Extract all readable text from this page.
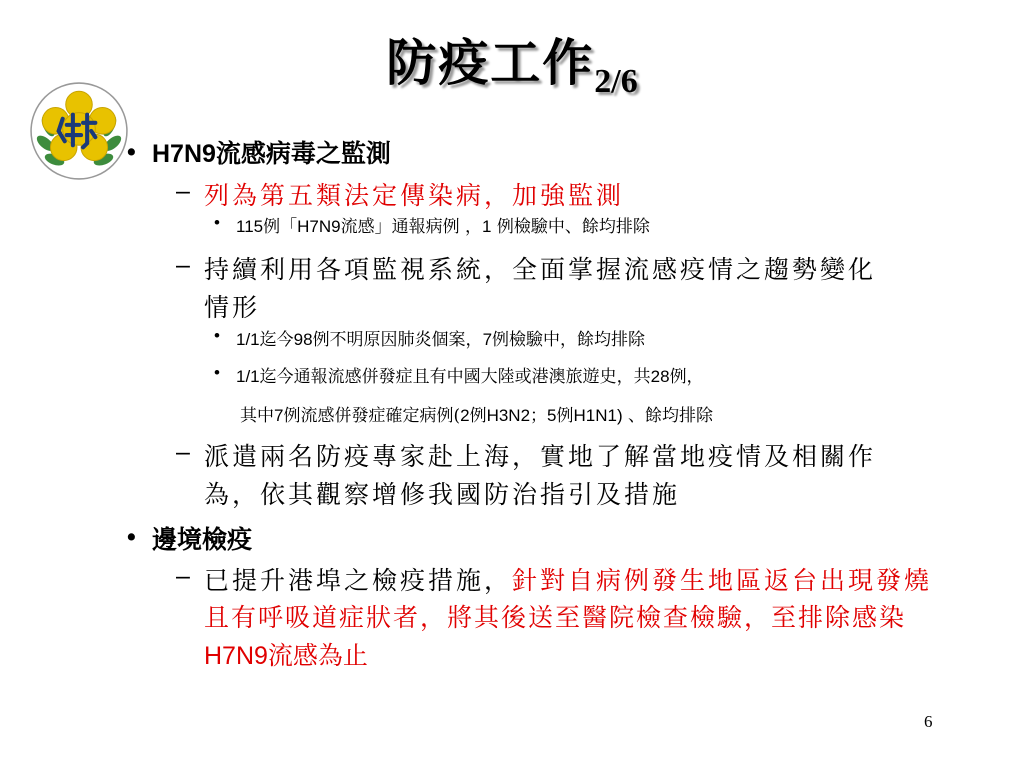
防疫工作$_{2/6}$
• H7N9流感病毒之監測
– 列為第五類法定傳染病，加強監測
• 115例「H7N9流感」通報病例 ，1 例檢驗中、餘均排除
– 持續利用各項監視系統，全面掌握流感疫情之趨勢變化
情形
• 1/1迄今98例不明原因肺炎個案，7例檢驗中，餘均排除
• 1/1迄今通報流感併發症且有中國大陸或港澳旅遊史，共28例，
其中7例流感併發症確定病例(2例H3N2；5例H1N1) 、餘均排除
– 派遣兩名防疫專家赴上海，實地了解當地疫情及相關作
為，依其觀察增修我國防治指引及措施
• 邊境檢疫
– 已提升港埠之檢疫措施，針對自病例發生地區返台出現發燒
且有呼吸道症狀者，將其後送至醫院檢查檢驗，至排除感染
H7N9流感為止
6
